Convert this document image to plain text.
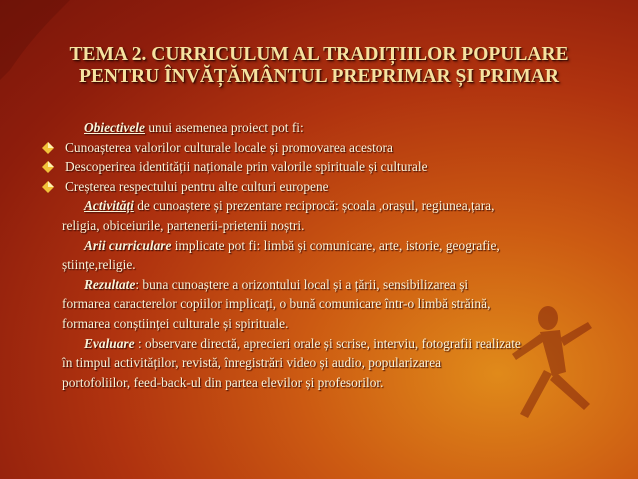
TEMA 2. CURRICULUM AL TRADIȚIILOR POPULARE
PENTRU ÎNVĂȚĂMÂNTUL PREPRIMAR ȘI PRIMAR
Obiectivele unui asemenea proiect pot fi:
Cunoașterea valorilor culturale locale și promovarea acestora
Descoperirea identității naționale prin valorile spirituale și culturale
Creșterea respectului pentru alte culturi europene
Activități de cunoaștere și prezentare reciprocă: școala ,orașul, regiunea,țara,
religia, obiceiurile, partenerii-prietenii noștri.
Arii curriculare implicate pot fi: limbă și comunicare, arte, istorie, geografie,
științe,religie.
Rezultate: buna cunoaștere a orizontului local și a țării, sensibilizarea și
formarea caracterelor copiilor implicați, o bună comunicare într-o limbă străină,
formarea conștiinței culturale și spirituale.
Evaluare : observare directă, aprecieri orale și scrise, interviu, fotografii realizate
în timpul activităților, revistă, înregistrări video și audio, popularizarea
portofoliilor, feed-back-ul din partea elevilor și profesorilor.
